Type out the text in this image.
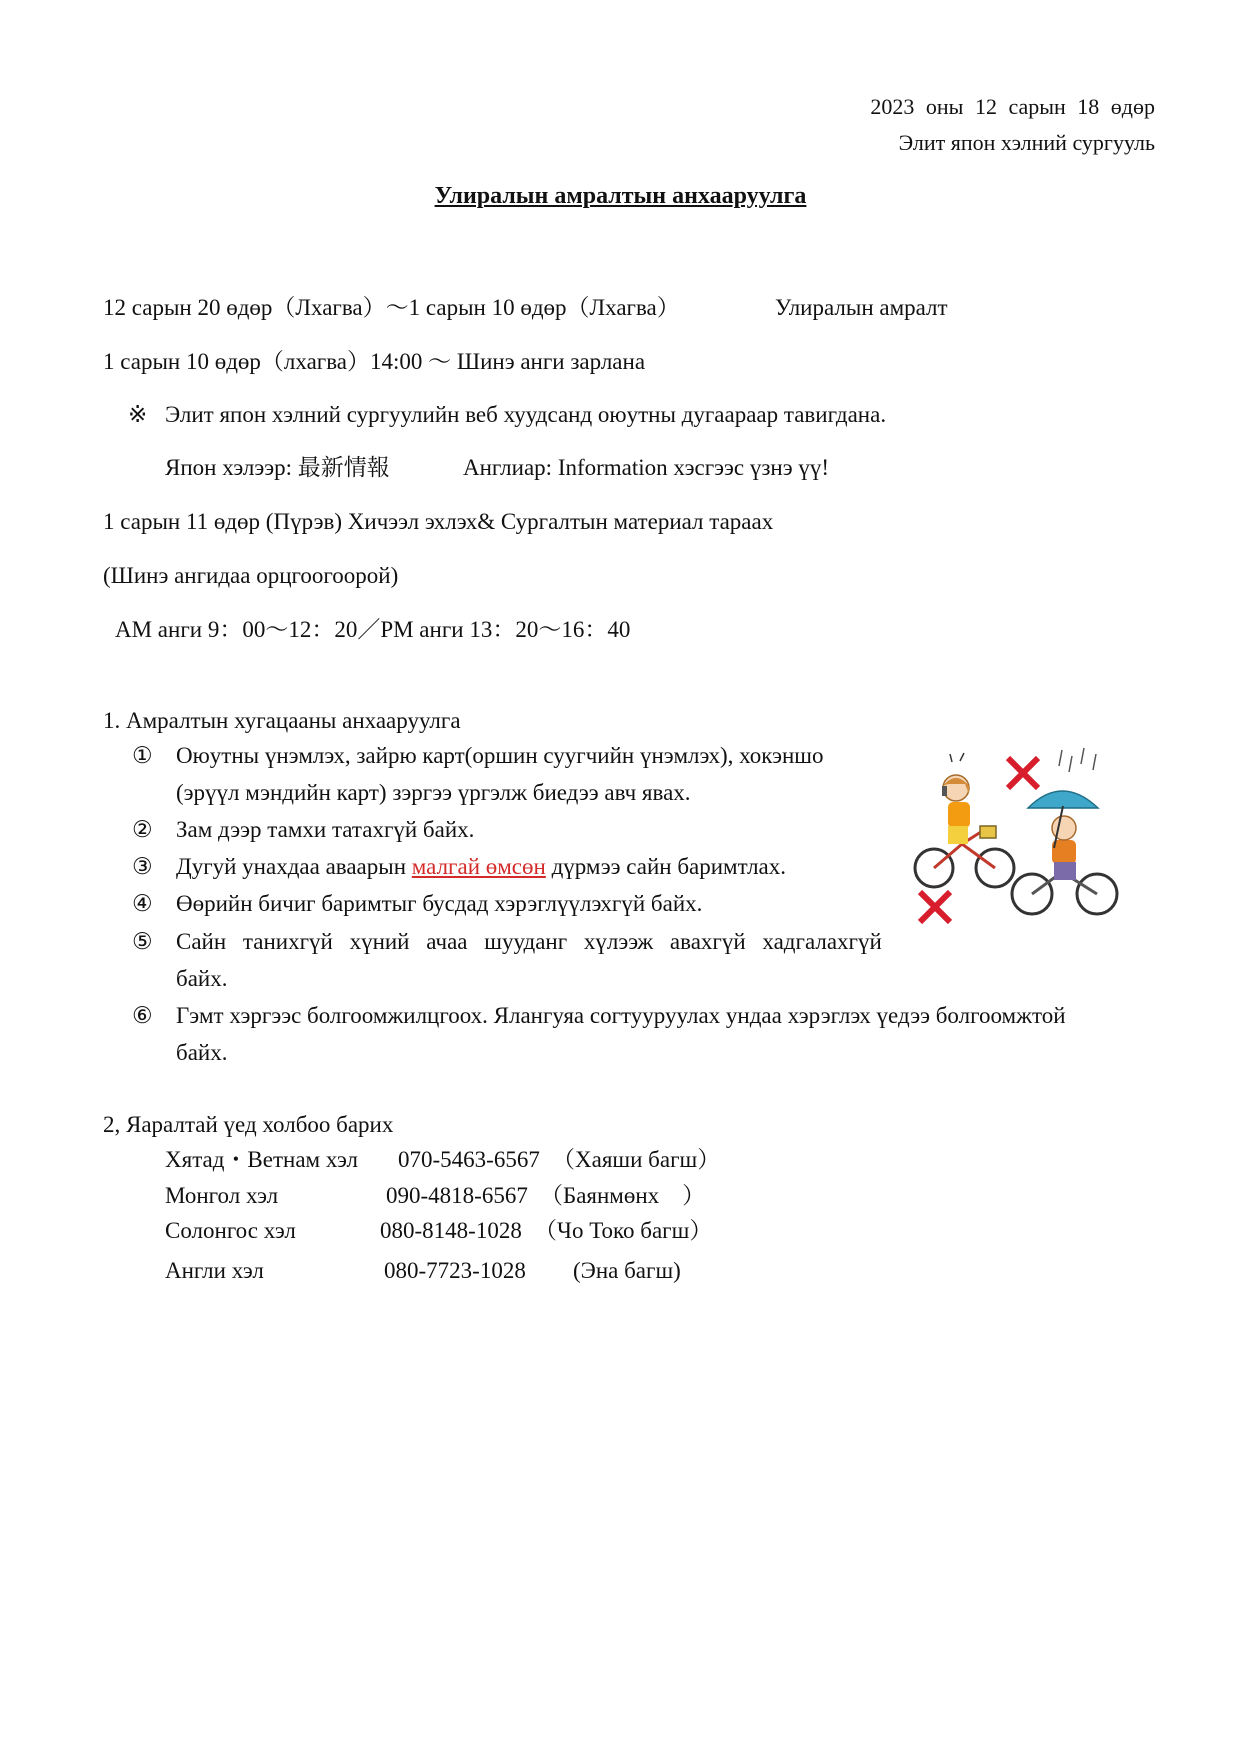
2023 оны 12 сарын 18 өдөр
Элит япон хэлний сургууль
Улиралын амралтын анхааруулга
12 сарын 20 өдөр（Лхагва）～1 сарын 10 өдөр（Лхагва）	Улиралын амралт
1 сарын 10 өдөр（лхагва）14:00 ～ Шинэ анги зарлана
※ Элит япон хэлний сургуулийн веб хуудсанд оюутны дугаараар тавигдана.
Япон хэлээр: 最新情報	Англиар: Information хэсгээс үзнэ үү!
1 сарын 11 өдөр (Пүрэв) Хичээл эхлэх& Сургалтын материал тараах
(Шинэ ангидаа орцгоогоорой)
AM анги 9：00～12：20／PM анги 13：20～16：40
1. Амралтын хугацааны анхааруулга
① Оюутны үнэмлэх, зайрю карт(оршин суугчийн үнэмлэх), хокэншо
(эрүүл мэндийн карт) зэргээ үргэлж биедээ авч явах.
② Зам дээр тамхи татахгүй байх.
③ Дугуй унахдаа аваарын малгай өмсөн дүрмээ сайн баримтлах.
④ Өөрийн бичиг баримтыг бусдад хэрэглүүлэхгүй байх.
⑤ Сайн танихгүй хүний ачаа шууданг хүлээж авахгүй хадгалахгүй
байх.
⑥ Гэмт хэргээс болгоомжилцгоох. Ялангуяа согтууруулах ундаа хэрэглэх үедээ болгоомжтой
байх.
2, Яаралтай үед холбоо барих
Хятад・Ветнам хэл 070-5463-6567 （Хаяши багш）
Монгол хэл	090-4818-6567 （Баянмөнх　）
Солонгос хэл	080-8148-1028 （Чо Токо багш）
Англи хэл	080-7723-1028 (Эна багш)
